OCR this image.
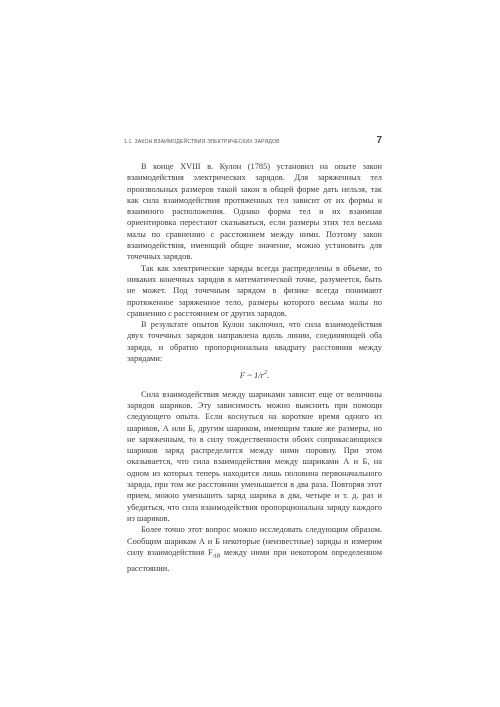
1.1. ЗАКОН ВЗАИМОДЕЙСТВИЯ ЭЛЕКТРИЧЕСКИХ ЗАРЯДОВ	7

В конце XVIII в. Кулон (1785) установил на опыте закон взаимодействия электрических зарядов. Для заряженных тел произвольных размеров такой закон в общей форме дать нельзя, так как сила взаимодействия протяженных тел зависит от их формы и взаимного расположения. Однако форма тел и их взаимная ориентировка перестают сказываться, если размеры этих тел весьма малы по сравнению с расстоянием между ними. Поэтому закон взаимодействия, имеющий общее значение, можно установить для точечных зарядов.

Так как электрические заряды всегда распределены в объеме, то никаких конечных зарядов в математической точке, разумеется, быть не может. Под точечным зарядом в физике всегда понимают протяженное заряженное тело, размеры которого весьма малы по сравнению с расстоянием от других зарядов.

В результате опытов Кулон заключил, что сила взаимодействия двух точечных зарядов направлена вдоль линии, соединяющей оба заряда, и обратно пропорциональна квадрату расстояния между зарядами:

F ~ $1/r^2$.

Сила взаимодействия между шариками зависит еще от величины зарядов шариков. Эту зависимость можно выяснить при помощи следующего опыта. Если коснуться на короткое время одного из шариков, А или Б, другим шариком, имеющим такие же размеры, но не заряженным, то в силу тождественности обоих соприкасающихся шариков заряд распределится между ними поровну. При этом оказывается, что сила взаимодействия между шариками А и Б, на одном из которых теперь находится лишь половина первоначального заряда, при том же расстоянии уменьшается в два раза. Повторяя этот прием, можно уменьшить заряд шарика в два, четыре и т. д. раз и убедиться, что сила взаимодействия пропорциональна заряду каждого из шариков.

Более точно этот вопрос можно исследовать следующим образом. Сообщим шарикам А и Б некоторые (неизвестные) заряды и измерим силу взаимодействия $F_{AB}$ между ними при некотором определенном расстоянии.
